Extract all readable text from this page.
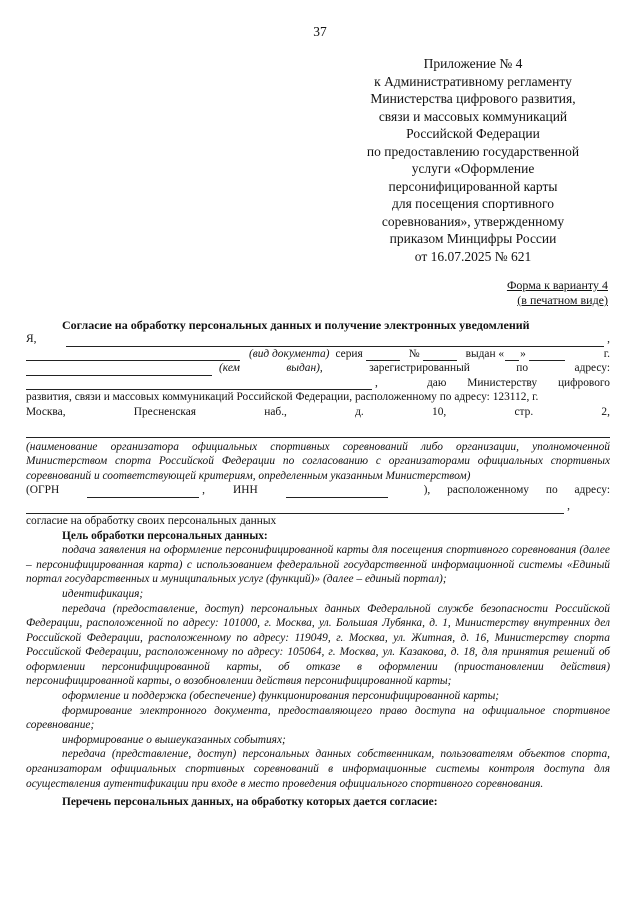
37
Приложение № 4
к Административному регламенту
Министерства цифрового развития,
связи и массовых коммуникаций
Российской Федерации
по предоставлению государственной
услуги «Оформление
персонифицированной карты
для посещения спортивного
соревнования», утвержденному
приказом Минцифры России
от 16.07.2025 № 621
Форма к варианту 4
(в печатном виде)
Согласие на обработку персональных данных и получение электронных уведомлений
Я,	,
(вид документа) серия	№	выдан « »	г.
(кем	выдан),	зарегистрированный	по	адресу:
,	даю Министерству цифрового
развития, связи и массовых коммуникаций Российской Федерации, расположенному по адресу: 123112, г.
Москва,	Пресненская	наб.,	д.	10,	стр.	2,
(наименование организатора официальных спортивных соревнований либо организации, уполномоченной Министерством спорта Российской Федерации по согласованию с организаторами официальных спортивных соревнований и соответствующей критериям, определенным указанным Министерством)
(ОГРН	, ИНН	), расположенному по адресу:
,
согласие на обработку своих персональных данных
Цель обработки персональных данных:
подача заявления на оформление персонифицированной карты для посещения спортивного соревнования (далее – персонифицированная карта) с использованием федеральной государственной информационной системы «Единый портал государственных и муниципальных услуг (функций)» (далее – единый портал);
идентификация;
передача (предоставление, доступ) персональных данных Федеральной службе безопасности Российской Федерации, расположенной по адресу: 101000, г. Москва, ул. Большая Лубянка, д. 1, Министерству внутренних дел Российской Федерации, расположенному по адресу: 119049, г. Москва, ул. Житная, д. 16, Министерству спорта Российской Федерации, расположенному по адресу: 105064, г. Москва, ул. Казакова, д. 18, для принятия решений об оформлении персонифицированной карты, об отказе в оформлении (приостановлении действия) персонифицированной карты, о возобновлении действия персонифицированной карты;
оформление и поддержка (обеспечение) функционирования персонифицированной карты;
формирование электронного документа, предоставляющего право доступа на официальное спортивное соревнование;
информирование о вышеуказанных событиях;
передача (представление, доступ) персональных данных собственникам, пользователям объектов спорта, организаторам официальных спортивных соревнований в информационные системы контроля доступа для осуществления аутентификации при входе в место проведения официального спортивного соревнования.
Перечень персональных данных, на обработку которых дается согласие:
